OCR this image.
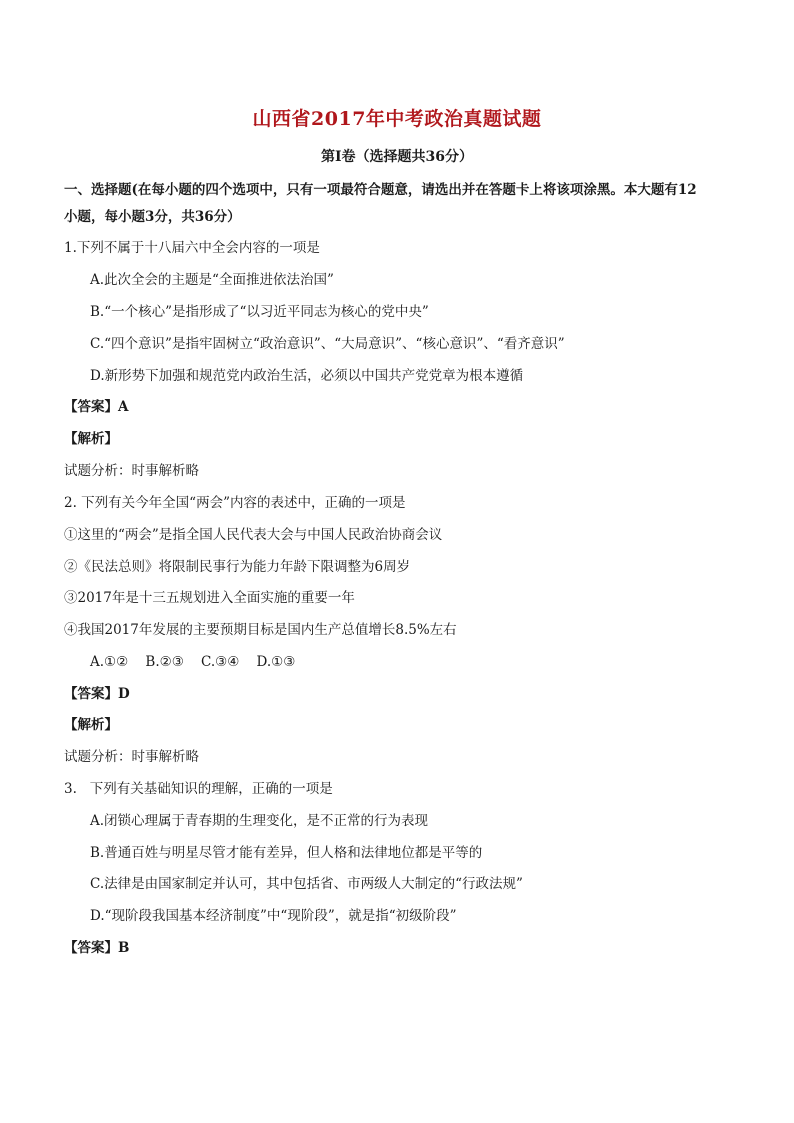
山西省2017年中考政治真题试题
第Ⅰ卷（选择题共36分）
一、选择题(在每小题的四个选项中，只有一项最符合题意，请选出并在答题卡上将该项涂黑。本大题有12
小题，每小题3分，共36分）
1.下列不属于十八届六中全会内容的一项是
A.此次全会的主题是“全面推进依法治国”
B.“一个核心”是指形成了“以习近平同志为核心的党中央”
C.“四个意识”是指牢固树立“政治意识”、“大局意识”、“核心意识”、“看齐意识”
D.新形势下加强和规范党内政治生活，必须以中国共产党党章为根本遵循
【答案】A
【解析】
试题分析：时事解析略
2. 下列有关今年全国“两会”内容的表述中，正确的一项是
①这里的“两会”是指全国人民代表大会与中国人民政治协商会议
②《民法总则》将限制民事行为能力年龄下限调整为6周岁
③2017年是十三五规划进入全面实施的重要一年
④我国2017年发展的主要预期目标是国内生产总值增长8.5%左右
A.①②    B.②③    C.③④    D.①③
【答案】D
【解析】
试题分析：时事解析略
3.   下列有关基础知识的理解，正确的一项是
A.闭锁心理属于青春期的生理变化，是不正常的行为表现
B.普通百姓与明星尽管才能有差异，但人格和法律地位都是平等的
C.法律是由国家制定并认可，其中包括省、市两级人大制定的“行政法规”
D.“现阶段我国基本经济制度”中“现阶段”，就是指“初级阶段”
【答案】B
